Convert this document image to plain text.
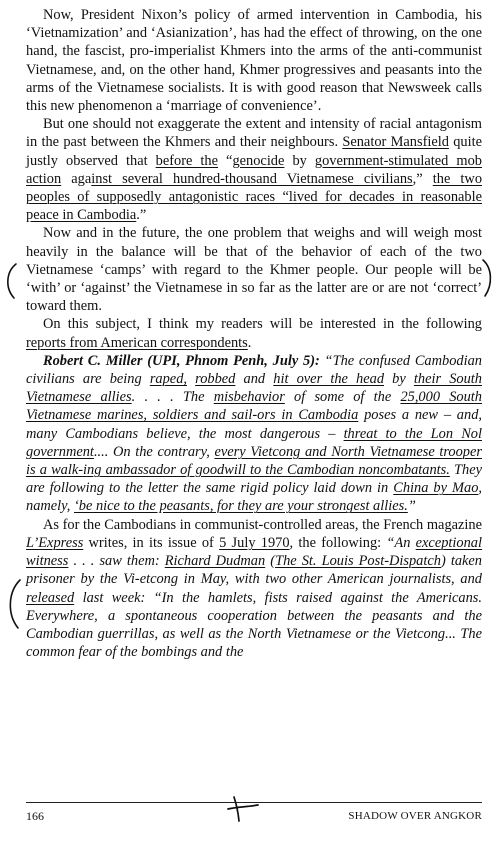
Now, President Nixon’s policy of armed intervention in Cambodia, his ‘Vietnamization’ and ‘Asianization’, has had the effect of throwing, on the one hand, the fascist, pro-imperialist Khmers into the arms of the anti-communist Vietnamese, and, on the other hand, Khmer progressives and peasants into the arms of the Vietnamese socialists. It is with good reason that Newsweek calls this new phenomenon a ‘marriage of convenience’.

But one should not exaggerate the extent and intensity of racial antagonism in the past between the Khmers and their neighbours. Senator Mansfield quite justly observed that before the “genocide by government-stimulated mob action against several hundred-thousand Vietnamese civilians,” the two peoples of supposedly antagonistic races “lived for decades in reasonable peace in Cambodia.”

Now and in the future, the one problem that weighs and will weigh most heavily in the balance will be that of the behavior of each of the two Vietnamese ‘camps’ with regard to the Khmer people. Our people will be ‘with’ or ‘against’ the Vietnamese in so far as the latter are or are not ‘correct’ toward them.

On this subject, I think my readers will be interested in the following reports from American correspondents.

Robert C. Miller (UPI, Phnom Penh, July 5): “The confused Cambodian civilians are being raped, robbed and hit over the head by their South Vietnamese allies. . . . The misbehavior of some of the 25,000 South Vietnamese marines, soldiers and sail-ors in Cambodia poses a new – and, many Cambodians believe, the most dangerous – threat to the Lon Nol government.... On the contrary, every Vietcong and North Vietnamese trooper is a walk-ing ambassador of goodwill to the Cambodian noncombatants. They are following to the letter the same rigid policy laid down in China by Mao, namely, ‘be nice to the peasants, for they are your strongest allies.”

As for the Cambodians in communist-controlled areas, the French magazine L’Express writes, in its issue of 5 July 1970, the following: “An exceptional witness . . . saw them: Richard Dudman (The St. Louis Post-Dispatch) taken prisoner by the Vi-etcong in May, with two other American journalists, and released last week: “In the hamlets, fists raised against the Americans. Everywhere, a spontaneous cooperation between the peasants and the Cambodian guerrillas, as well as the North Vietnamese or the Vietcong... The common fear of the bombings and the

166	SHADOW OVER ANGKOR
